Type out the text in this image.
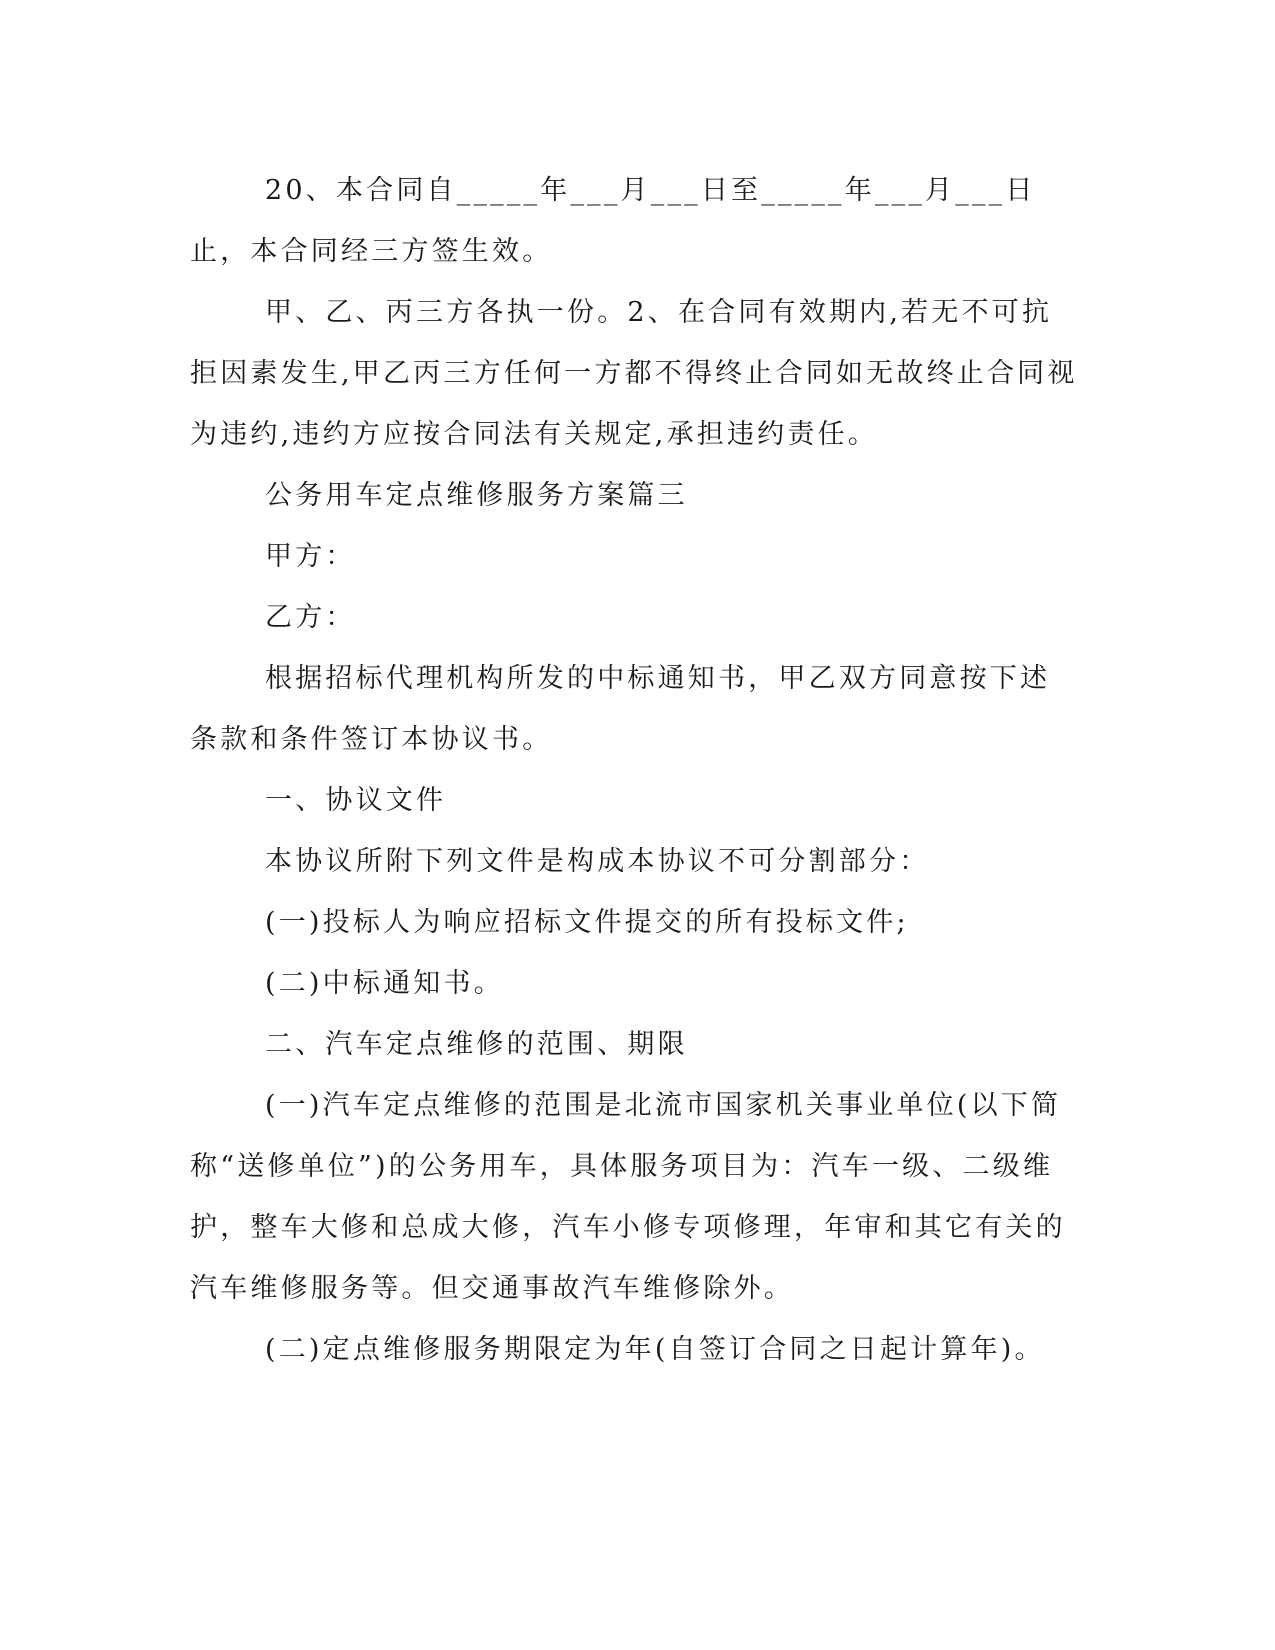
20、本合同自_____年___月___日至_____年___月___日止，本合同经三方签生效。

甲、乙、丙三方各执一份。2、在合同有效期内,若无不可抗拒因素发生,甲乙丙三方任何一方都不得终止合同如无故终止合同视为违约,违约方应按合同法有关规定,承担违约责任。

公务用车定点维修服务方案篇三

甲方：

乙方：

根据招标代理机构所发的中标通知书，甲乙双方同意按下述条款和条件签订本协议书。

一、协议文件

本协议所附下列文件是构成本协议不可分割部分：

(一)投标人为响应招标文件提交的所有投标文件;

(二)中标通知书。

二、汽车定点维修的范围、期限

(一)汽车定点维修的范围是北流市国家机关事业单位(以下简称“送修单位”)的公务用车，具体服务项目为：汽车一级、二级维护，整车大修和总成大修，汽车小修专项修理，年审和其它有关的汽车维修服务等。但交通事故汽车维修除外。

(二)定点维修服务期限定为年(自签订合同之日起计算年)。
